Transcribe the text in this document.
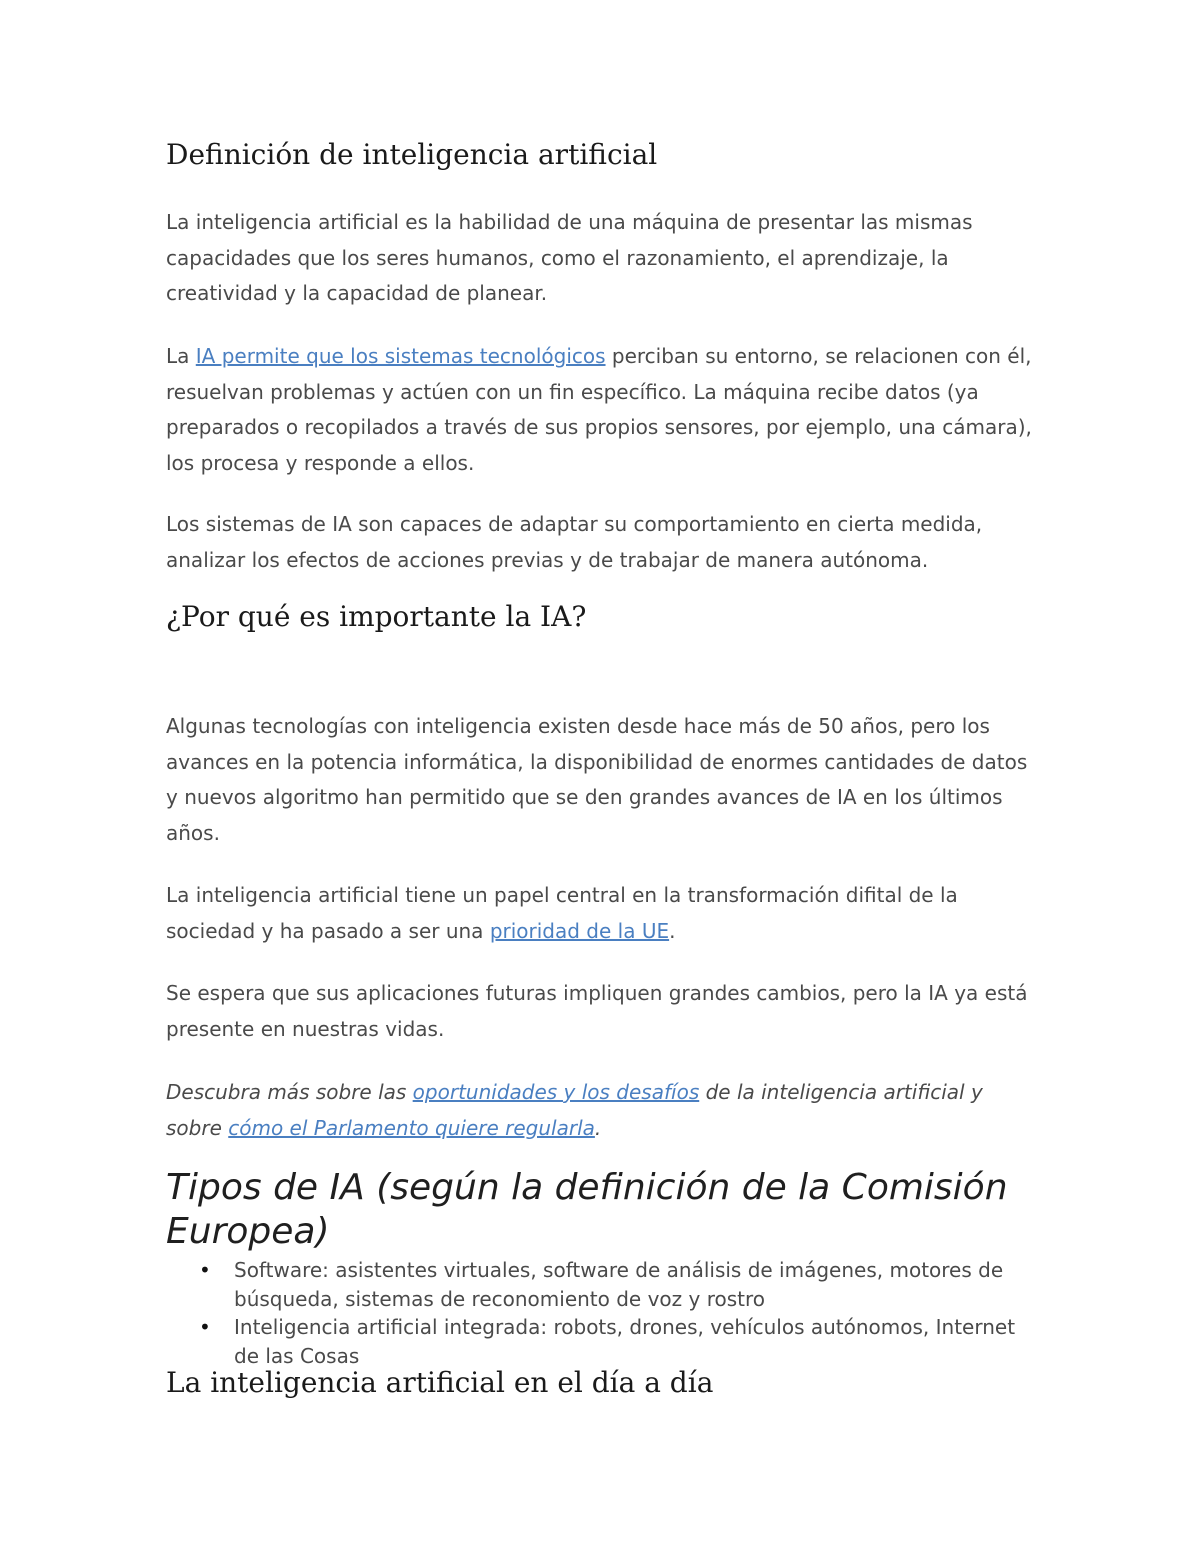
Definición de inteligencia artificial

La inteligencia artificial es la habilidad de una máquina de presentar las mismas capacidades que los seres humanos, como el razonamiento, el aprendizaje, la creatividad y la capacidad de planear.

La IA permite que los sistemas tecnológicos perciban su entorno, se relacionen con él, resuelvan problemas y actúen con un fin específico. La máquina recibe datos (ya preparados o recopilados a través de sus propios sensores, por ejemplo, una cámara), los procesa y responde a ellos.

Los sistemas de IA son capaces de adaptar su comportamiento en cierta medida, analizar los efectos de acciones previas y de trabajar de manera autónoma.

¿Por qué es importante la IA?

Algunas tecnologías con inteligencia existen desde hace más de 50 años, pero los avances en la potencia informática, la disponibilidad de enormes cantidades de datos y nuevos algoritmo han permitido que se den grandes avances de IA en los últimos años.

La inteligencia artificial tiene un papel central en la transformación difital de la sociedad y ha pasado a ser una prioridad de la UE.

Se espera que sus aplicaciones futuras impliquen grandes cambios, pero la IA ya está presente en nuestras vidas.

Descubra más sobre las oportunidades y los desafíos de la inteligencia artificial y sobre cómo el Parlamento quiere regularla.

Tipos de IA (según la definición de la Comisión Europea)
• Software: asistentes virtuales, software de análisis de imágenes, motores de búsqueda, sistemas de reconomiento de voz y rostro
• Inteligencia artificial integrada: robots, drones, vehículos autónomos, Internet de las Cosas
La inteligencia artificial en el día a día
